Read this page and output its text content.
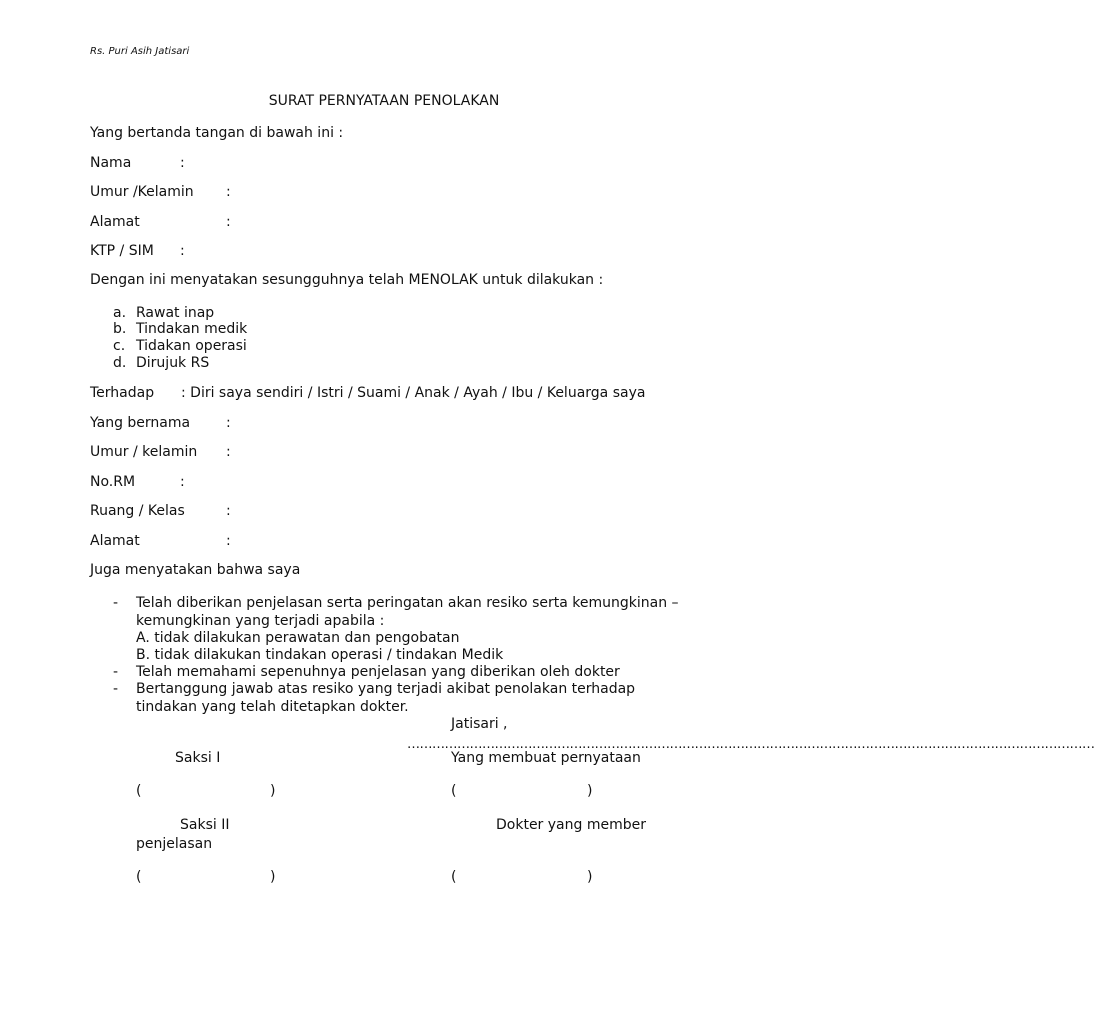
Rs. Puri Asih Jatisari
SURAT PERNYATAAN PENOLAKAN
Yang bertanda tangan di bawah ini :
Nama	:
Umur /Kelamin :
Alamat	:
KTP / SIM :
Dengan ini menyatakan sesungguhnya telah MENOLAK untuk dilakukan :
a. Rawat inap
b. Tindakan medik
c. Tidakan operasi
d. Dirujuk RS
Terhadap : Diri saya sendiri / Istri / Suami / Anak / Ayah / Ibu / Keluarga saya
Yang bernama	:
Umur / kelamin :
No.RM	:
Ruang / Kelas	:
Alamat	:
Juga menyatakan bahwa saya
- Telah diberikan penjelasan serta peringatan akan resiko serta kemungkinan –
kemungkinan yang terjadi apabila :
A. tidak dilakukan perawatan dan pengobatan
B. tidak dilakukan tindakan operasi / tindakan Medik
- Telah memahami sepenuhnya penjelasan yang diberikan oleh dokter
- Bertanggung jawab atas resiko yang terjadi akibat penolakan terhadap
tindakan yang telah ditetapkan dokter.
Jatisari ,
…………………………………………………………………………………………………………………………………………………
Saksi I	Yang membuat pernyataan
(	)	(	)
Saksi II	Dokter yang member
penjelasan
(	)	(	)
